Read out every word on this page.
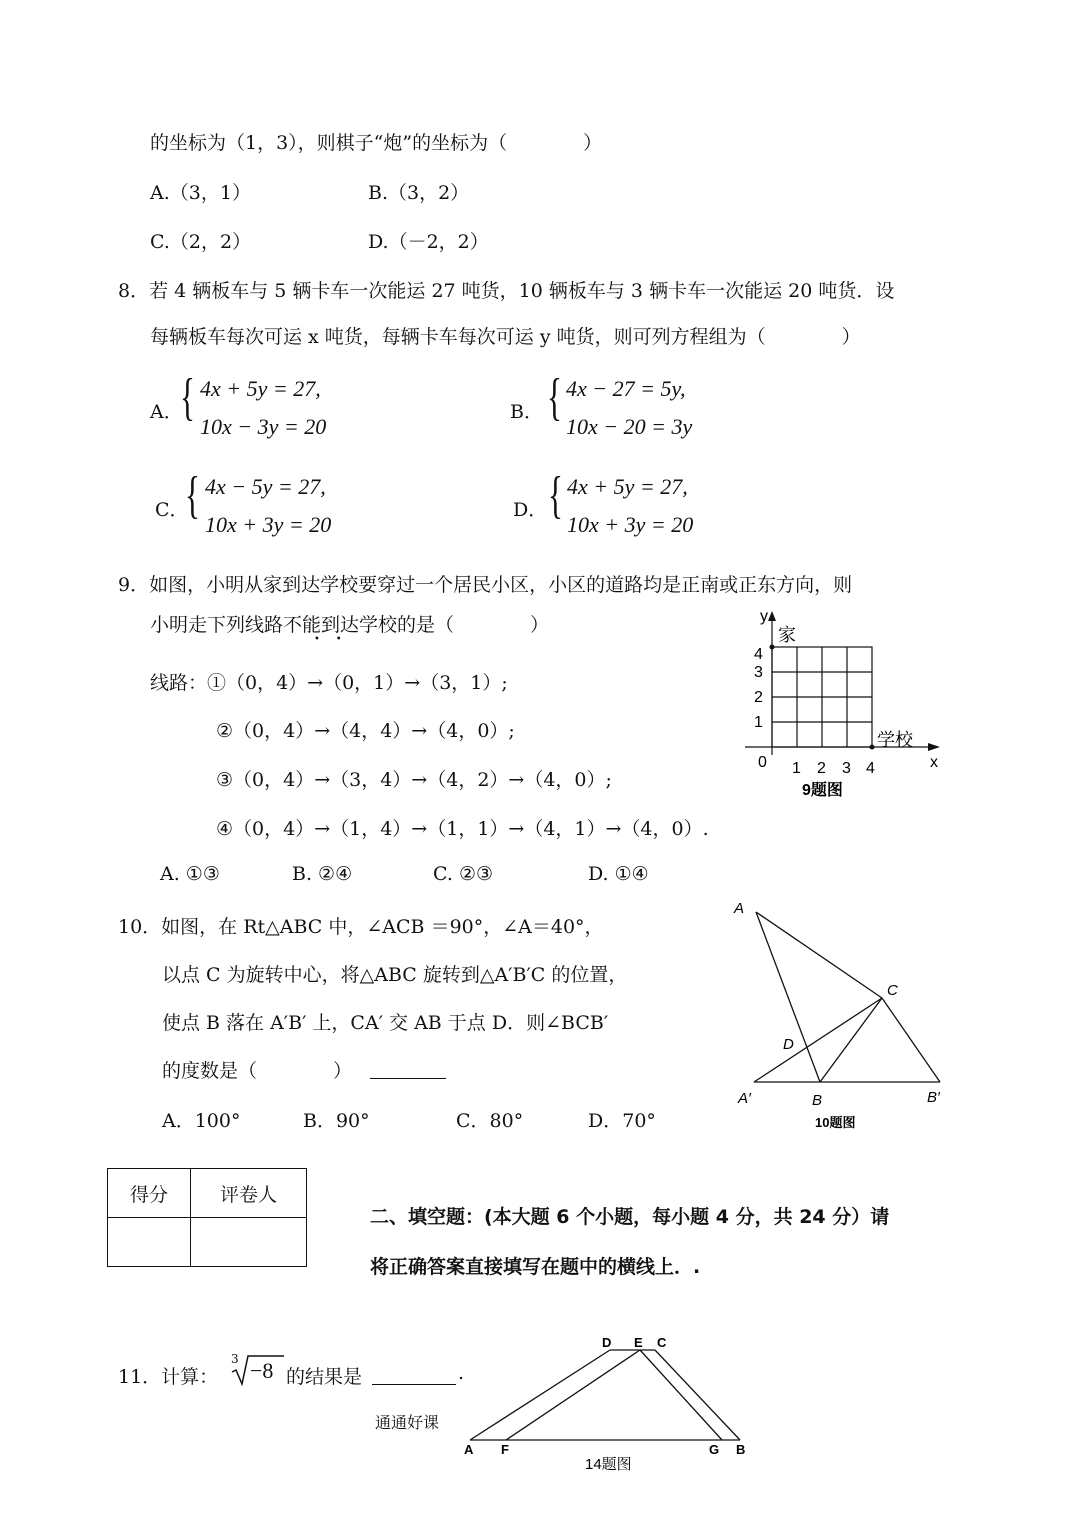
的坐标为（1，3），则棋子“炮”的坐标为（　　　　）
A.（3，1）	B.（3，2）
C.（2，2）	D.（－2，2）
8．若 4 辆板车与 5 辆卡车一次能运 27 吨货，10 辆板车与 3 辆卡车一次能运 20 吨货．设
每辆板车每次可运 x 吨货，每辆卡车每次可运 y 吨货，则可列方程组为（　　　　）
A．
{ 4x + 5y = 27,
10x − 3y = 20
B． { 4x − 27 = 5y,
10x − 20 = 3y
C．
{ 4x − 5y = 27,
10x + 3y = 20
D． { 4x + 5y = 27,
10x + 3y = 20
9．如图，小明从家到达学校要穿过一个居民小区，小区的道路均是正南或正东方向，则
小明走下列线路不能到达学校的是（　　　　）
•     •
线路：①（0，4）→（0，1）→（3，1）;
②（0，4）→（4，4）→（4，0）;
③（0，4）→（3，4）→（4，2）→（4，0）;
④（0，4）→（1，4）→（1，1）→（4，1）→（4，0）.
A. ①③	B. ②④	C. ②③	D. ①④
y
家
学校
x
0 1 2 3 4
1
2
3
4
9题图
10．如图，在 Rt△ABC 中，∠ACB ＝90°，∠A＝40°，
以点 C 为旋转中心，将△ABC 旋转到△A′B′C 的位置，
使点 B 落在 A′B′ 上，CA′ 交 AB 于点 D．则∠BCB′
的度数是（　　　　）
A．100°	B．90°	C．80°	D．70°
A
C
D
A′	B	B′
10题图
得分	评卷人

二、填空题：(本大题 6 个小题，每小题 4 分，共 24 分）请
将正确答案直接填写在题中的横线上．.
11．计算：
3 −8 的结果是	.
通通好课
D E C
A F	G B
14题图
